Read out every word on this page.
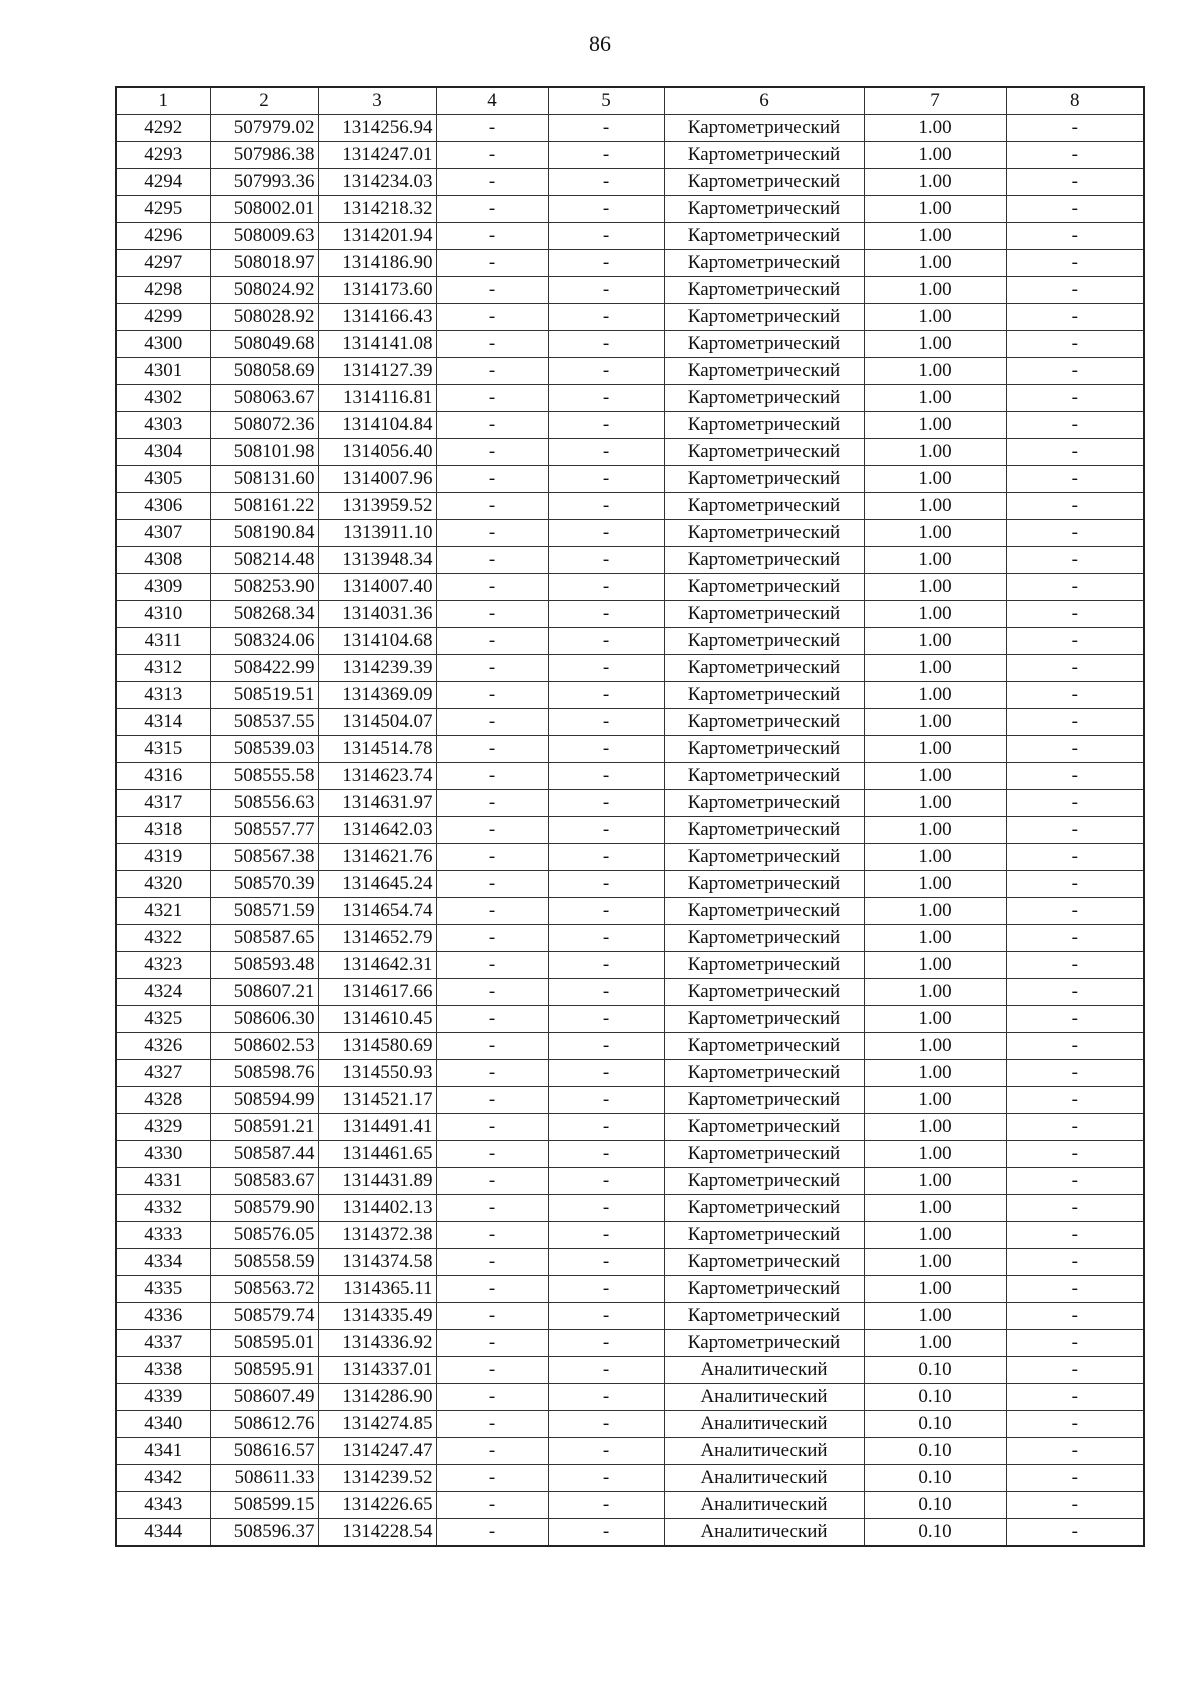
86
1	2	3	4	5	6	7	8
4292	507979.02	1314256.94	-	-	Картометрический	1.00	-
4293	507986.38	1314247.01	-	-	Картометрический	1.00	-
4294	507993.36	1314234.03	-	-	Картометрический	1.00	-
4295	508002.01	1314218.32	-	-	Картометрический	1.00	-
4296	508009.63	1314201.94	-	-	Картометрический	1.00	-
4297	508018.97	1314186.90	-	-	Картометрический	1.00	-
4298	508024.92	1314173.60	-	-	Картометрический	1.00	-
4299	508028.92	1314166.43	-	-	Картометрический	1.00	-
4300	508049.68	1314141.08	-	-	Картометрический	1.00	-
4301	508058.69	1314127.39	-	-	Картометрический	1.00	-
4302	508063.67	1314116.81	-	-	Картометрический	1.00	-
4303	508072.36	1314104.84	-	-	Картометрический	1.00	-
4304	508101.98	1314056.40	-	-	Картометрический	1.00	-
4305	508131.60	1314007.96	-	-	Картометрический	1.00	-
4306	508161.22	1313959.52	-	-	Картометрический	1.00	-
4307	508190.84	1313911.10	-	-	Картометрический	1.00	-
4308	508214.48	1313948.34	-	-	Картометрический	1.00	-
4309	508253.90	1314007.40	-	-	Картометрический	1.00	-
4310	508268.34	1314031.36	-	-	Картометрический	1.00	-
4311	508324.06	1314104.68	-	-	Картометрический	1.00	-
4312	508422.99	1314239.39	-	-	Картометрический	1.00	-
4313	508519.51	1314369.09	-	-	Картометрический	1.00	-
4314	508537.55	1314504.07	-	-	Картометрический	1.00	-
4315	508539.03	1314514.78	-	-	Картометрический	1.00	-
4316	508555.58	1314623.74	-	-	Картометрический	1.00	-
4317	508556.63	1314631.97	-	-	Картометрический	1.00	-
4318	508557.77	1314642.03	-	-	Картометрический	1.00	-
4319	508567.38	1314621.76	-	-	Картометрический	1.00	-
4320	508570.39	1314645.24	-	-	Картометрический	1.00	-
4321	508571.59	1314654.74	-	-	Картометрический	1.00	-
4322	508587.65	1314652.79	-	-	Картометрический	1.00	-
4323	508593.48	1314642.31	-	-	Картометрический	1.00	-
4324	508607.21	1314617.66	-	-	Картометрический	1.00	-
4325	508606.30	1314610.45	-	-	Картометрический	1.00	-
4326	508602.53	1314580.69	-	-	Картометрический	1.00	-
4327	508598.76	1314550.93	-	-	Картометрический	1.00	-
4328	508594.99	1314521.17	-	-	Картометрический	1.00	-
4329	508591.21	1314491.41	-	-	Картометрический	1.00	-
4330	508587.44	1314461.65	-	-	Картометрический	1.00	-
4331	508583.67	1314431.89	-	-	Картометрический	1.00	-
4332	508579.90	1314402.13	-	-	Картометрический	1.00	-
4333	508576.05	1314372.38	-	-	Картометрический	1.00	-
4334	508558.59	1314374.58	-	-	Картометрический	1.00	-
4335	508563.72	1314365.11	-	-	Картометрический	1.00	-
4336	508579.74	1314335.49	-	-	Картометрический	1.00	-
4337	508595.01	1314336.92	-	-	Картометрический	1.00	-
4338	508595.91	1314337.01	-	-	Аналитический	0.10	-
4339	508607.49	1314286.90	-	-	Аналитический	0.10	-
4340	508612.76	1314274.85	-	-	Аналитический	0.10	-
4341	508616.57	1314247.47	-	-	Аналитический	0.10	-
4342	508611.33	1314239.52	-	-	Аналитический	0.10	-
4343	508599.15	1314226.65	-	-	Аналитический	0.10	-
4344	508596.37	1314228.54	-	-	Аналитический	0.10	-
